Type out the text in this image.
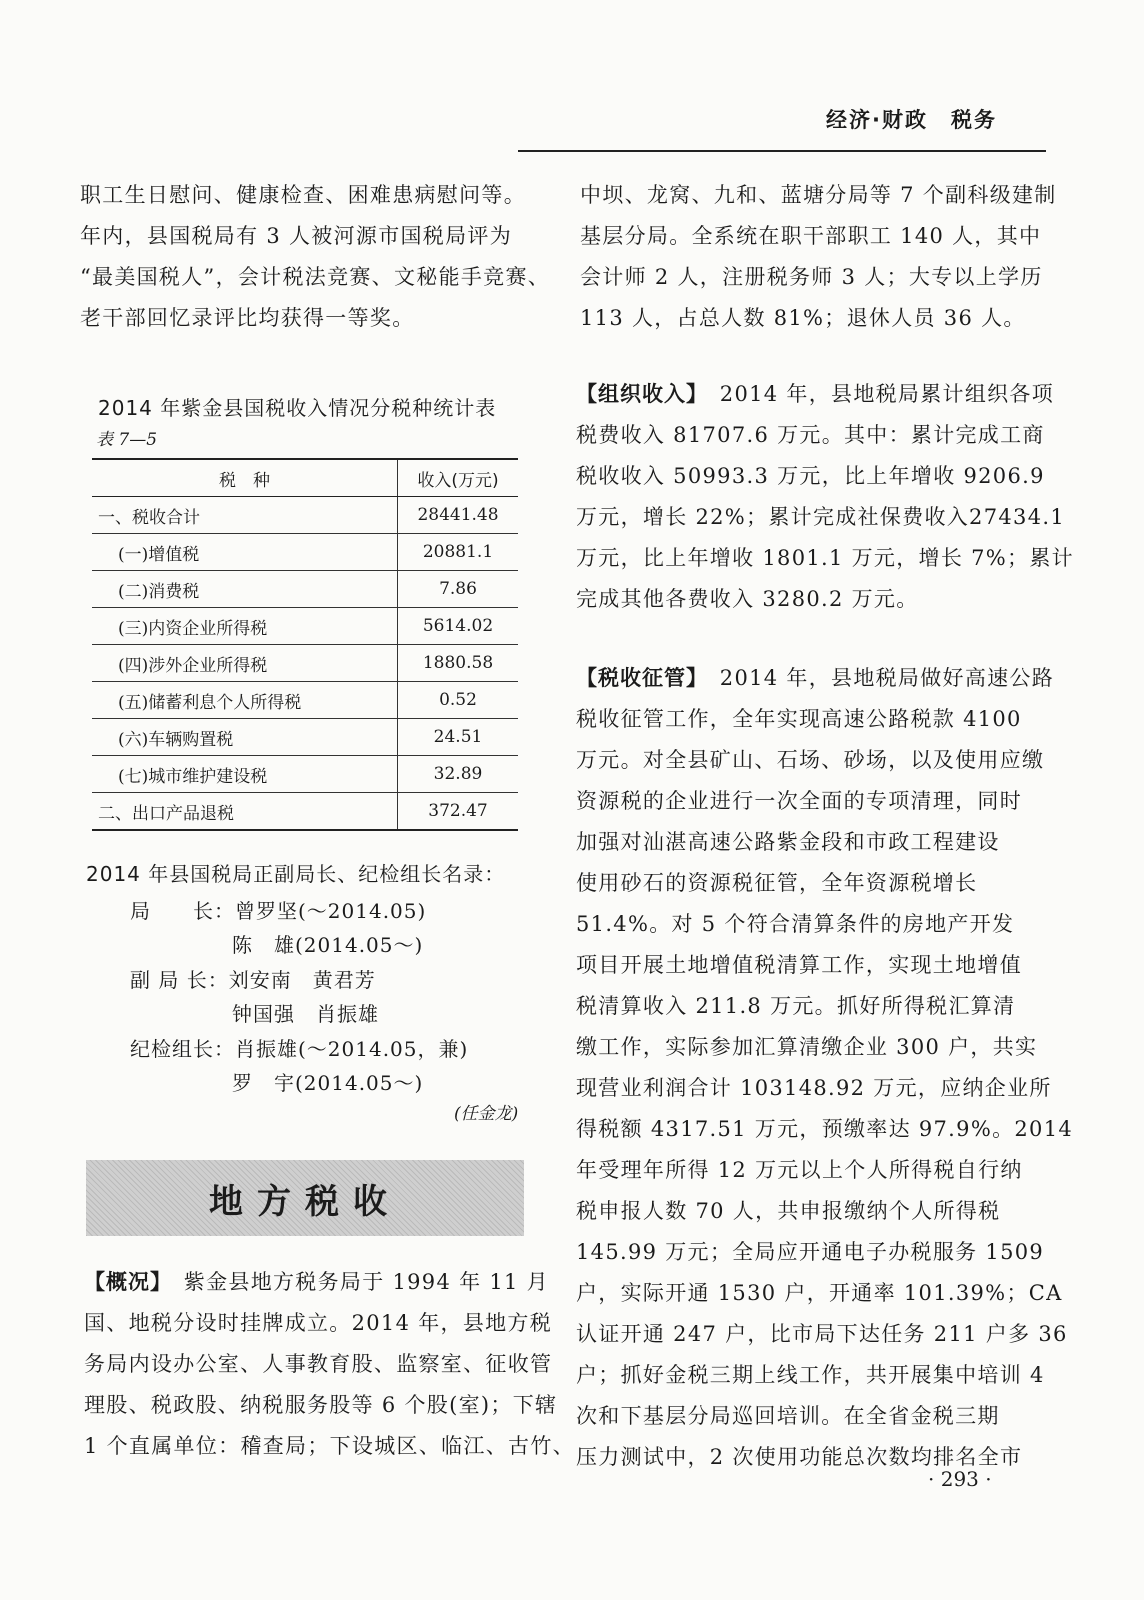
经济·财政　税务
职工生日慰问、健康检查、困难患病慰问等。
年内，县国税局有 3 人被河源市国税局评为
“最美国税人”，会计税法竞赛、文秘能手竞赛、
老干部回忆录评比均获得一等奖。
2014 年紫金县国税收入情况分税种统计表
表 7—5
税　种	收入(万元)
一、税收合计	28441.48
(一)增值税	20881.1
(二)消费税	7.86
(三)内资企业所得税	5614.02
(四)涉外企业所得税	1880.58
(五)储蓄利息个人所得税	0.52
(六)车辆购置税	24.51
(七)城市维护建设税	32.89
二、出口产品退税	372.47
2014 年县国税局正副局长、纪检组长名录：
局　　长：曾罗坚(～2014.05)
陈　雄(2014.05～)
副 局 长：刘安南　黄君芳
钟国强　肖振雄
纪检组长：肖振雄(～2014.05，兼)
罗　宇(2014.05～)
(任金龙)
地方税收
【概况】　紫金县地方税务局于 1994 年 11 月
国、地税分设时挂牌成立。2014 年，县地方税
务局内设办公室、人事教育股、监察室、征收管
理股、税政股、纳税服务股等 6 个股(室)；下辖
1 个直属单位：稽查局；下设城区、临江、古竹、
中坝、龙窝、九和、蓝塘分局等 7 个副科级建制
基层分局。全系统在职干部职工 140 人，其中
会计师 2 人，注册税务师 3 人；大专以上学历
113 人，占总人数 81%；退休人员 36 人。
【组织收入】　2014 年，县地税局累计组织各项
税费收入 81707.6 万元。其中：累计完成工商
税收收入 50993.3 万元，比上年增收 9206.9
万元，增长 22%；累计完成社保费收入27434.1
万元，比上年增收 1801.1 万元，增长 7%；累计
完成其他各费收入 3280.2 万元。
【税收征管】　2014 年，县地税局做好高速公路
税收征管工作，全年实现高速公路税款 4100
万元。对全县矿山、石场、砂场，以及使用应缴
资源税的企业进行一次全面的专项清理，同时
加强对汕湛高速公路紫金段和市政工程建设
使用砂石的资源税征管，全年资源税增长
51.4%。对 5 个符合清算条件的房地产开发
项目开展土地增值税清算工作，实现土地增值
税清算收入 211.8 万元。抓好所得税汇算清
缴工作，实际参加汇算清缴企业 300 户，共实
现营业利润合计 103148.92 万元，应纳企业所
得税额 4317.51 万元，预缴率达 97.9%。2014
年受理年所得 12 万元以上个人所得税自行纳
税申报人数 70 人，共申报缴纳个人所得税
145.99 万元；全局应开通电子办税服务 1509
户，实际开通 1530 户，开通率 101.39%；CA
认证开通 247 户，比市局下达任务 211 户多 36
户；抓好金税三期上线工作，共开展集中培训 4
次和下基层分局巡回培训。在全省金税三期
压力测试中，2 次使用功能总次数均排名全市
· 293 ·
